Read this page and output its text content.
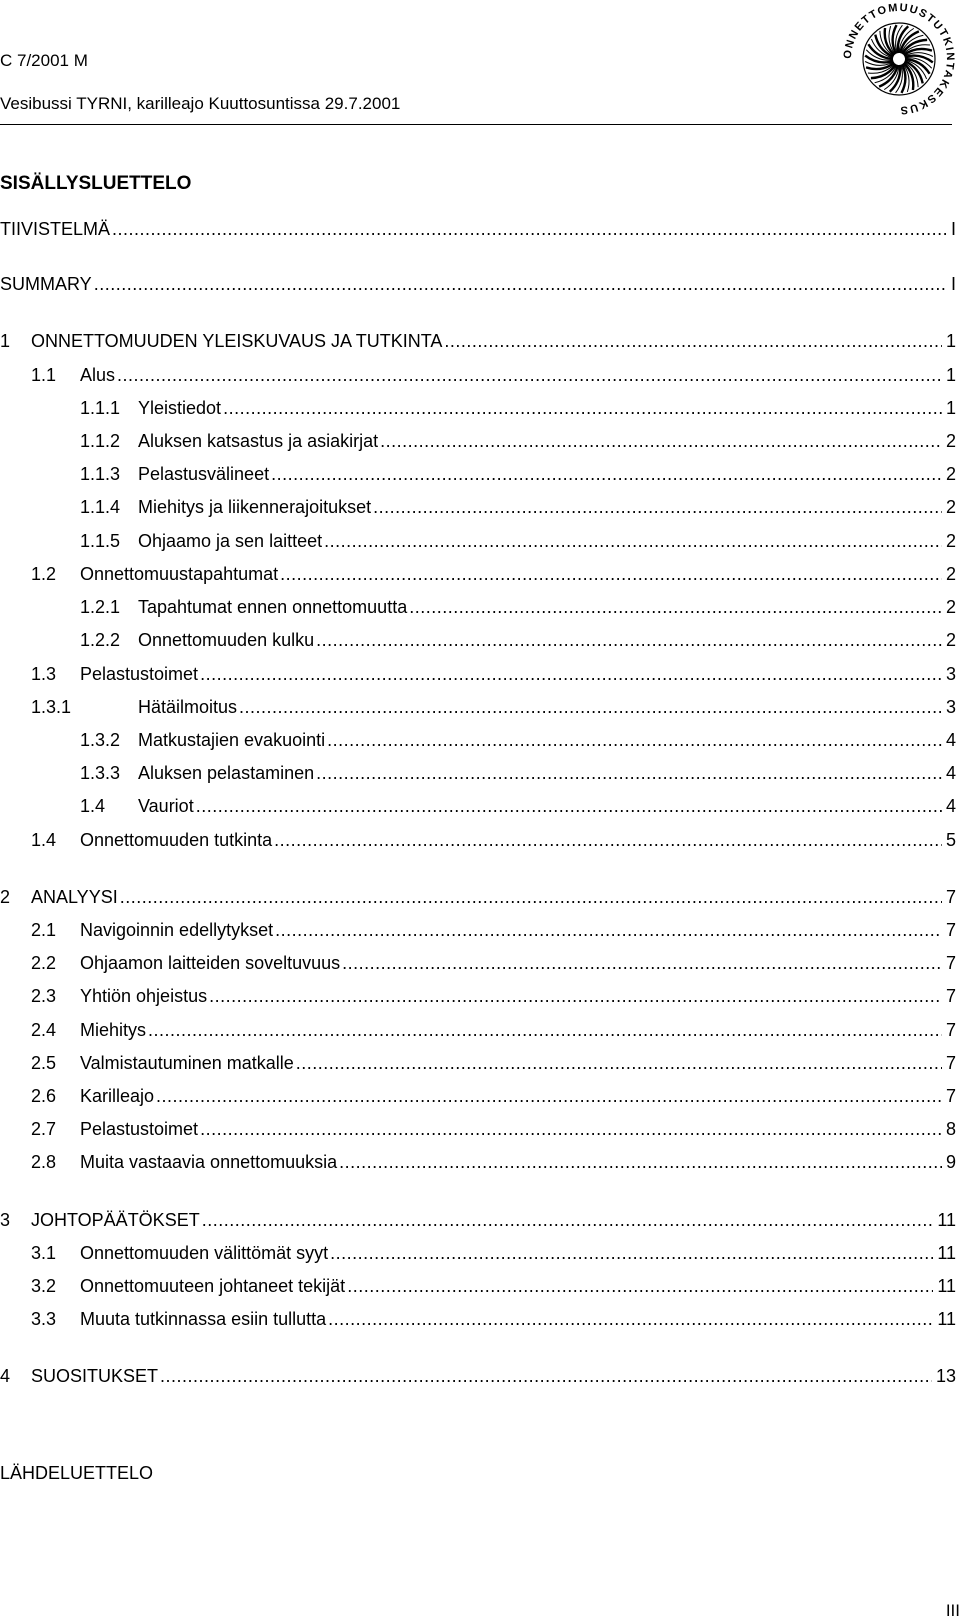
C 7/2001 M
Vesibussi TYRNI, karilleajo Kuuttosuntissa 29.7.2001
ONNETTOMUUSTUTKINTAKESKUS
SISÄLLYSLUETTELO
TIIVISTELMÄ .....	I
SUMMARY .....	I
1 ONNETTOMUUDEN YLEISKUVAUS JA TUTKINTA .....	1
1.1 Alus .....	1
1.1.1 Yleistiedot .....	1
1.1.2 Aluksen katsastus ja asiakirjat .....	2
1.1.3 Pelastusvälineet .....	2
1.1.4 Miehitys ja liikennerajoitukset .....	2
1.1.5 Ohjaamo ja sen laitteet .....	2
1.2 Onnettomuustapahtumat .....	2
1.2.1 Tapahtumat ennen onnettomuutta .....	2
1.2.2 Onnettomuuden kulku .....	2
1.3 Pelastustoimet .....	3
1.3.1	Hätäilmoitus .....	3
1.3.2 Matkustajien evakuointi .....	4
1.3.3 Aluksen pelastaminen .....	4
1.4 Vauriot .....	4
1.4 Onnettomuuden tutkinta .....	5
2 ANALYYSI .....	7
2.1 Navigoinnin edellytykset .....	7
2.2 Ohjaamon laitteiden soveltuvuus .....	7
2.3 Yhtiön ohjeistus .....	7
2.4 Miehitys .....	7
2.5 Valmistautuminen matkalle .....	7
2.6 Karilleajo .....	7
2.7 Pelastustoimet .....	8
2.8 Muita vastaavia onnettomuuksia .....	9
3 JOHTOPÄÄTÖKSET .....	11
3.1 Onnettomuuden välittömät syyt .....	11
3.2 Onnettomuuteen johtaneet tekijät .....	11
3.3 Muuta tutkinnassa esiin tullutta .....	11
4 SUOSITUKSET .....	13
LÄHDELUETTELO
III
